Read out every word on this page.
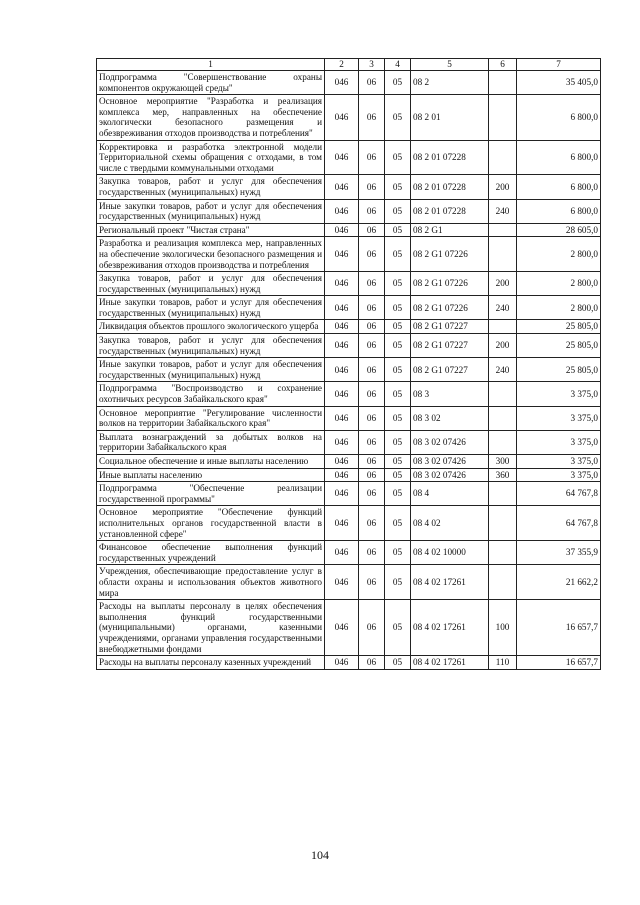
1	2	3	4	5	6	7
Подпрограмма "Совершенствование охраны компонентов окружающей среды"	046	06	05	08 2		35 405,0
Основное мероприятие "Разработка и реализация комплекса мер, направленных на обеспечение экологически безопасного размещения и обезвреживания отходов производства и потребления"	046	06	05	08 2 01		6 800,0
Корректировка и разработка электронной модели Территориальной схемы обращения с отходами, в том числе с твердыми коммунальными отходами	046	06	05	08 2 01 07228		6 800,0
Закупка товаров, работ и услуг для обеспечения государственных (муниципальных) нужд	046	06	05	08 2 01 07228	200	6 800,0
Иные закупки товаров, работ и услуг для обеспечения государственных (муниципальных) нужд	046	06	05	08 2 01 07228	240	6 800,0
Региональный проект "Чистая страна"	046	06	05	08 2 G1		28 605,0
Разработка и реализация комплекса мер, направленных на обеспечение экологически безопасного размещения и обезвреживания отходов производства и потребления	046	06	05	08 2 G1 07226		2 800,0
Закупка товаров, работ и услуг для обеспечения государственных (муниципальных) нужд	046	06	05	08 2 G1 07226	200	2 800,0
Иные закупки товаров, работ и услуг для обеспечения государственных (муниципальных) нужд	046	06	05	08 2 G1 07226	240	2 800,0
Ликвидация объектов прошлого экологического ущерба	046	06	05	08 2 G1 07227		25 805,0
Закупка товаров, работ и услуг для обеспечения государственных (муниципальных) нужд	046	06	05	08 2 G1 07227	200	25 805,0
Иные закупки товаров, работ и услуг для обеспечения государственных (муниципальных) нужд	046	06	05	08 2 G1 07227	240	25 805,0
Подпрограмма "Воспроизводство и сохранение охотничьих ресурсов Забайкальского края"	046	06	05	08 3		3 375,0
Основное мероприятие "Регулирование численности волков на территории Забайкальского края"	046	06	05	08 3 02		3 375,0
Выплата вознаграждений за добытых волков на территории Забайкальского края	046	06	05	08 3 02 07426		3 375,0
Социальное обеспечение и иные выплаты населению	046	06	05	08 3 02 07426	300	3 375,0
Иные выплаты населению	046	06	05	08 3 02 07426	360	3 375,0
Подпрограмма "Обеспечение реализации государственной программы"	046	06	05	08 4		64 767,8
Основное мероприятие "Обеспечение функций исполнительных органов государственной власти в установленной сфере"	046	06	05	08 4 02		64 767,8
Финансовое обеспечение выполнения функций государственных учреждений	046	06	05	08 4 02 10000		37 355,9
Учреждения, обеспечивающие предоставление услуг в области охраны и использования объектов животного мира	046	06	05	08 4 02 17261		21 662,2
Расходы на выплаты персоналу в целях обеспечения выполнения функций государственными (муниципальными) органами, казенными учреждениями, органами управления государственными внебюджетными фондами	046	06	05	08 4 02 17261	100	16 657,7
Расходы на выплаты персоналу казенных учреждений	046	06	05	08 4 02 17261	110	16 657,7
104
